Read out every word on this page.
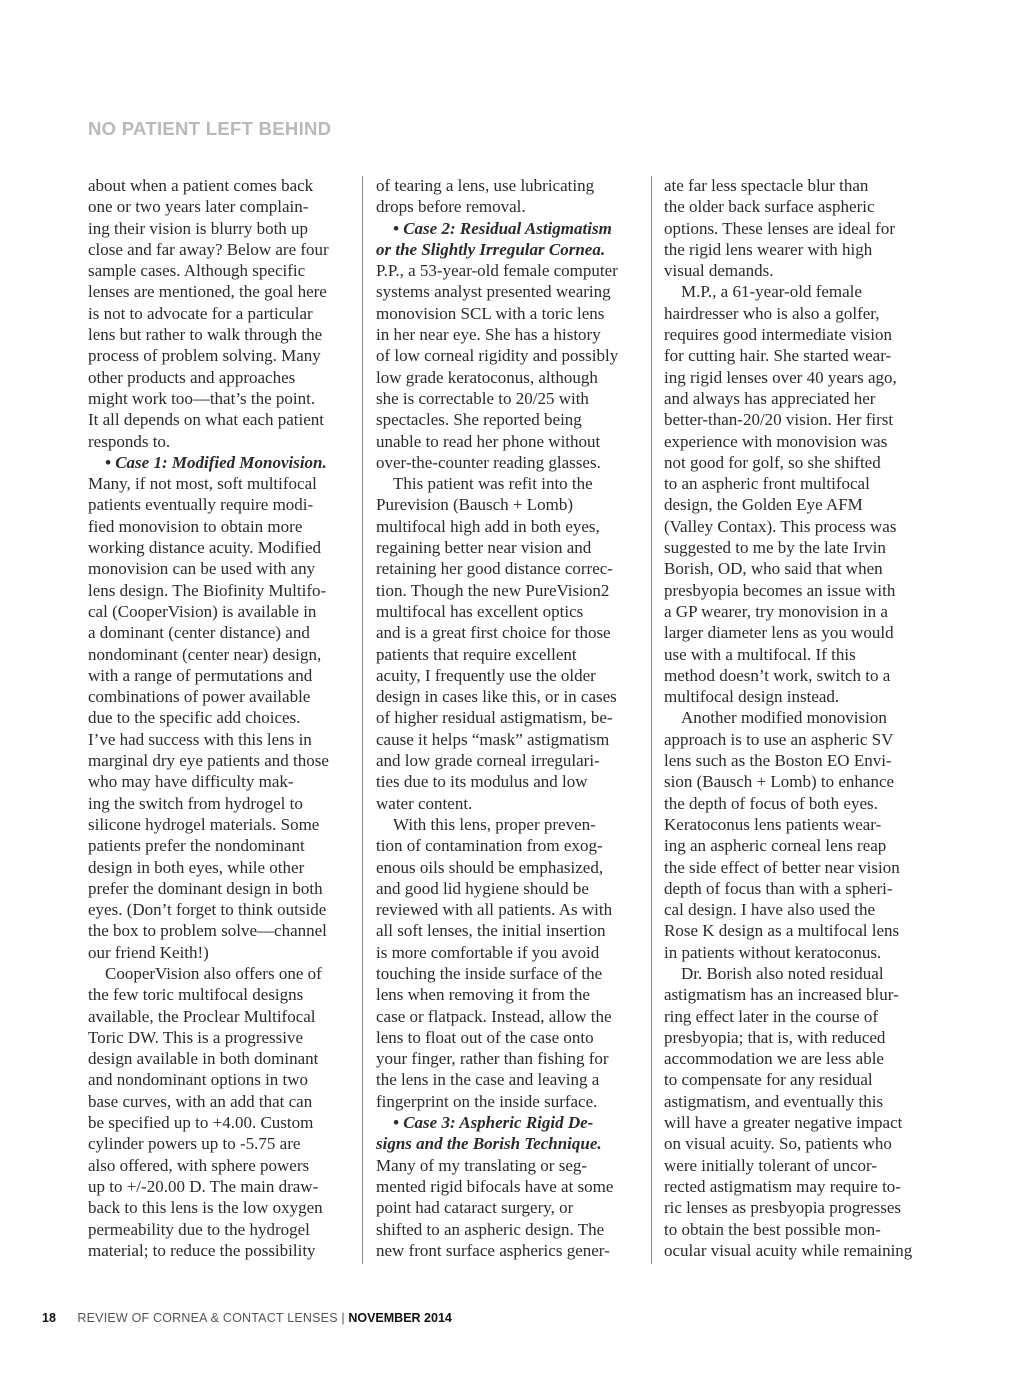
NO PATIENT LEFT BEHIND

about when a patient comes back
one or two years later complain-
ing their vision is blurry both up
close and far away? Below are four
sample cases. Although specific
lenses are mentioned, the goal here
is not to advocate for a particular
lens but rather to walk through the
process of problem solving. Many
other products and approaches
might work too—that’s the point.
It all depends on what each patient
responds to.

• Case 1: Modified Monovision.
Many, if not most, soft multifocal
patients eventually require modi-
fied monovision to obtain more
working distance acuity. Modified
monovision can be used with any
lens design. The Biofinity Multifo-
cal (CooperVision) is available in
a dominant (center distance) and
nondominant (center near) design,
with a range of permutations and
combinations of power available
due to the specific add choices.
I’ve had success with this lens in
marginal dry eye patients and those
who may have difficulty mak-
ing the switch from hydrogel to
silicone hydrogel materials. Some
patients prefer the nondominant
design in both eyes, while other
prefer the dominant design in both
eyes. (Don’t forget to think outside
the box to problem solve—channel
our friend Keith!)

CooperVision also offers one of
the few toric multifocal designs
available, the Proclear Multifocal
Toric DW. This is a progressive
design available in both dominant
and nondominant options in two
base curves, with an add that can
be specified up to +4.00. Custom
cylinder powers up to -5.75 are
also offered, with sphere powers
up to +/-20.00 D. The main draw-
back to this lens is the low oxygen
permeability due to the hydrogel
material; to reduce the possibility

of tearing a lens, use lubricating
drops before removal.

• Case 2: Residual Astigmatism
or the Slightly Irregular Cornea.
P.P., a 53-year-old female computer
systems analyst presented wearing
monovision SCL with a toric lens
in her near eye. She has a history
of low corneal rigidity and possibly
low grade keratoconus, although
she is correctable to 20/25 with
spectacles. She reported being
unable to read her phone without
over-the-counter reading glasses.

This patient was refit into the
Purevision (Bausch + Lomb)
multifocal high add in both eyes,
regaining better near vision and
retaining her good distance correc-
tion. Though the new PureVision2
multifocal has excellent optics
and is a great first choice for those
patients that require excellent
acuity, I frequently use the older
design in cases like this, or in cases
of higher residual astigmatism, be-
cause it helps “mask” astigmatism
and low grade corneal irregulari-
ties due to its modulus and low
water content.

With this lens, proper preven-
tion of contamination from exog-
enous oils should be emphasized,
and good lid hygiene should be
reviewed with all patients. As with
all soft lenses, the initial insertion
is more comfortable if you avoid
touching the inside surface of the
lens when removing it from the
case or flatpack. Instead, allow the
lens to float out of the case onto
your finger, rather than fishing for
the lens in the case and leaving a
fingerprint on the inside surface.

• Case 3: Aspheric Rigid De-
signs and the Borish Technique.
Many of my translating or seg-
mented rigid bifocals have at some
point had cataract surgery, or
shifted to an aspheric design. The
new front surface aspherics gener-

ate far less spectacle blur than
the older back surface aspheric
options. These lenses are ideal for
the rigid lens wearer with high
visual demands.

M.P., a 61-year-old female
hairdresser who is also a golfer,
requires good intermediate vision
for cutting hair. She started wear-
ing rigid lenses over 40 years ago,
and always has appreciated her
better-than-20/20 vision. Her first
experience with monovision was
not good for golf, so she shifted
to an aspheric front multifocal
design, the Golden Eye AFM
(Valley Contax). This process was
suggested to me by the late Irvin
Borish, OD, who said that when
presbyopia becomes an issue with
a GP wearer, try monovision in a
larger diameter lens as you would
use with a multifocal. If this
method doesn’t work, switch to a
multifocal design instead.

Another modified monovision
approach is to use an aspheric SV
lens such as the Boston EO Envi-
sion (Bausch + Lomb) to enhance
the depth of focus of both eyes.
Keratoconus lens patients wear-
ing an aspheric corneal lens reap
the side effect of better near vision
depth of focus than with a spheri-
cal design. I have also used the
Rose K design as a multifocal lens
in patients without keratoconus.

Dr. Borish also noted residual
astigmatism has an increased blur-
ring effect later in the course of
presbyopia; that is, with reduced
accommodation we are less able
to compensate for any residual
astigmatism, and eventually this
will have a greater negative impact
on visual acuity. So, patients who
were initially tolerant of uncor-
rected astigmatism may require to-
ric lenses as presbyopia progresses
to obtain the best possible mon-
ocular visual acuity while remaining

18 REVIEW OF CORNEA & CONTACT LENSES | NOVEMBER 2014
